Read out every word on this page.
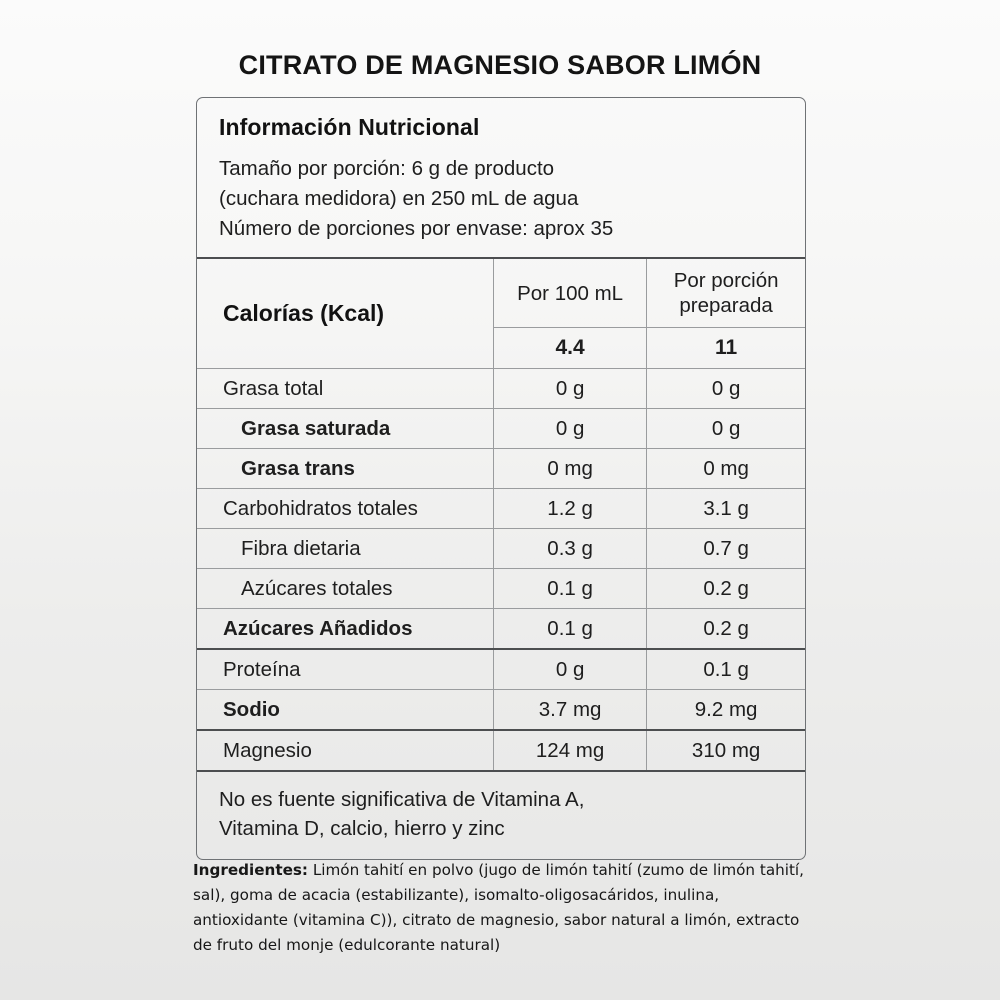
CITRATO DE MAGNESIO SABOR LIMÓN
Información Nutricional
Tamaño por porción: 6 g de producto
(cuchara medidora) en 250 mL de agua
Número de porciones por envase: aprox 35
Calorías (Kcal)	Por 100 mL	Por porción
preparada

	4.4	11

Grasa total	0 g	0 g

Grasa saturada	0 g	0 g

Grasa trans	0 mg	0 mg

Carbohidratos totales	1.2 g	3.1 g

Fibra dietaria	0.3 g	0.7 g

Azúcares totales	0.1 g	0.2 g

Azúcares Añadidos	0.1 g	0.2 g

Proteína	0 g	0.1 g

Sodio	3.7 mg	9.2 mg

Magnesio	124 mg	310 mg
No es fuente significativa de Vitamina A,
Vitamina D, calcio, hierro y zinc
Ingredientes: Limón tahití en polvo (jugo de limón tahití (zumo de limón tahití, sal), goma de acacia (estabilizante), isomalto-oligosacáridos, inulina, antioxidante (vitamina C)), citrato de magnesio, sabor natural a limón, extracto de fruto del monje (edulcorante natural)
